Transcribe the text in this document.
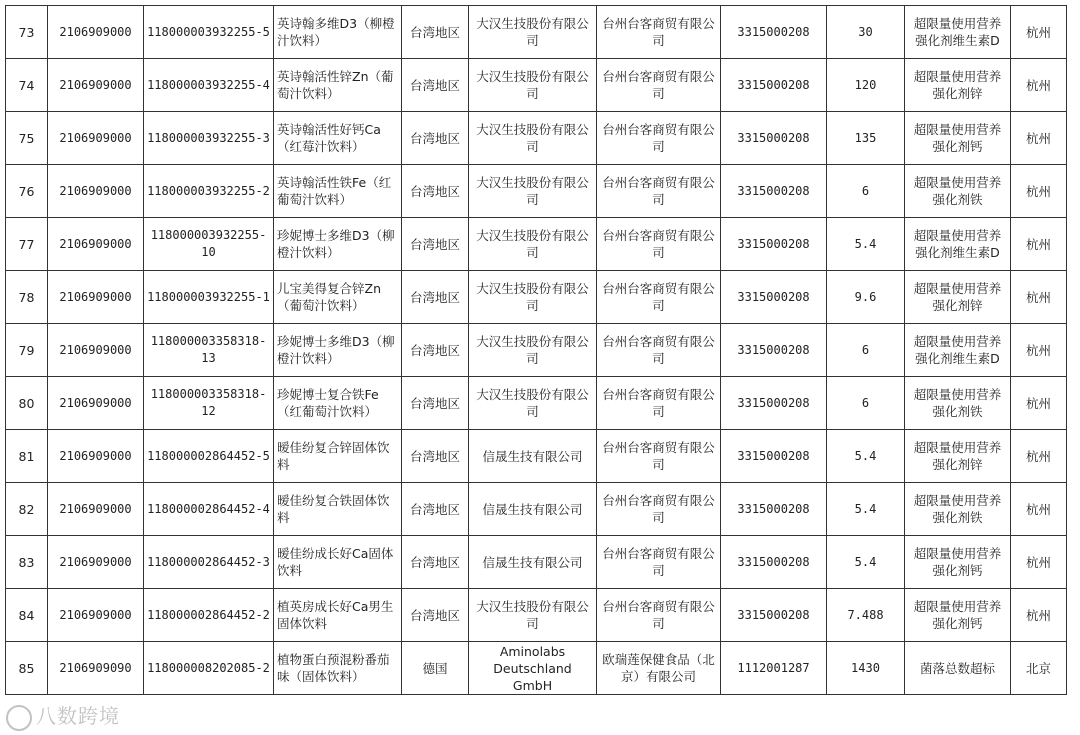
73	2106909000	118000003932255-5	英诗翰多维D3（柳橙汁饮料）	台湾地区	大汉生技股份有限公司	台州台客商贸有限公司	3315000208	30	超限量使用营养强化剂维生素D	杭州
74	2106909000	118000003932255-4	英诗翰活性锌Zn（葡萄汁饮料）	台湾地区	大汉生技股份有限公司	台州台客商贸有限公司	3315000208	120	超限量使用营养强化剂锌	杭州
75	2106909000	118000003932255-3	英诗翰活性好钙Ca（红莓汁饮料）	台湾地区	大汉生技股份有限公司	台州台客商贸有限公司	3315000208	135	超限量使用营养强化剂钙	杭州
76	2106909000	118000003932255-2	英诗翰活性铁Fe（红葡萄汁饮料）	台湾地区	大汉生技股份有限公司	台州台客商贸有限公司	3315000208	6	超限量使用营养强化剂铁	杭州
77	2106909000	118000003932255-10	珍妮博士多维D3（柳橙汁饮料）	台湾地区	大汉生技股份有限公司	台州台客商贸有限公司	3315000208	5.4	超限量使用营养强化剂维生素D	杭州
78	2106909000	118000003932255-1	儿宝美得复合锌Zn（葡萄汁饮料）	台湾地区	大汉生技股份有限公司	台州台客商贸有限公司	3315000208	9.6	超限量使用营养强化剂锌	杭州
79	2106909000	118000003358318-13	珍妮博士多维D3（柳橙汁饮料）	台湾地区	大汉生技股份有限公司	台州台客商贸有限公司	3315000208	6	超限量使用营养强化剂维生素D	杭州
80	2106909000	118000003358318-12	珍妮博士复合铁Fe（红葡萄汁饮料）	台湾地区	大汉生技股份有限公司	台州台客商贸有限公司	3315000208	6	超限量使用营养强化剂铁	杭州
81	2106909000	118000002864452-5	暧佳纷复合锌固体饮料	台湾地区	信晟生技有限公司	台州台客商贸有限公司	3315000208	5.4	超限量使用营养强化剂锌	杭州
82	2106909000	118000002864452-4	暧佳纷复合铁固体饮料	台湾地区	信晟生技有限公司	台州台客商贸有限公司	3315000208	5.4	超限量使用营养强化剂铁	杭州
83	2106909000	118000002864452-3	暧佳纷成长好Ca固体饮料	台湾地区	信晟生技有限公司	台州台客商贸有限公司	3315000208	5.4	超限量使用营养强化剂钙	杭州
84	2106909000	118000002864452-2	植英房成长好Ca男生固体饮料	台湾地区	大汉生技股份有限公司	台州台客商贸有限公司	3315000208	7.488	超限量使用营养强化剂钙	杭州
85	2106909090	118000008202085-2	植物蛋白预混粉番茄味（固体饮料）	德国	Aminolabs Deutschland GmbH	欧瑞莲保健食品（北京）有限公司	1112001287	1430	菌落总数超标	北京
八数跨境
